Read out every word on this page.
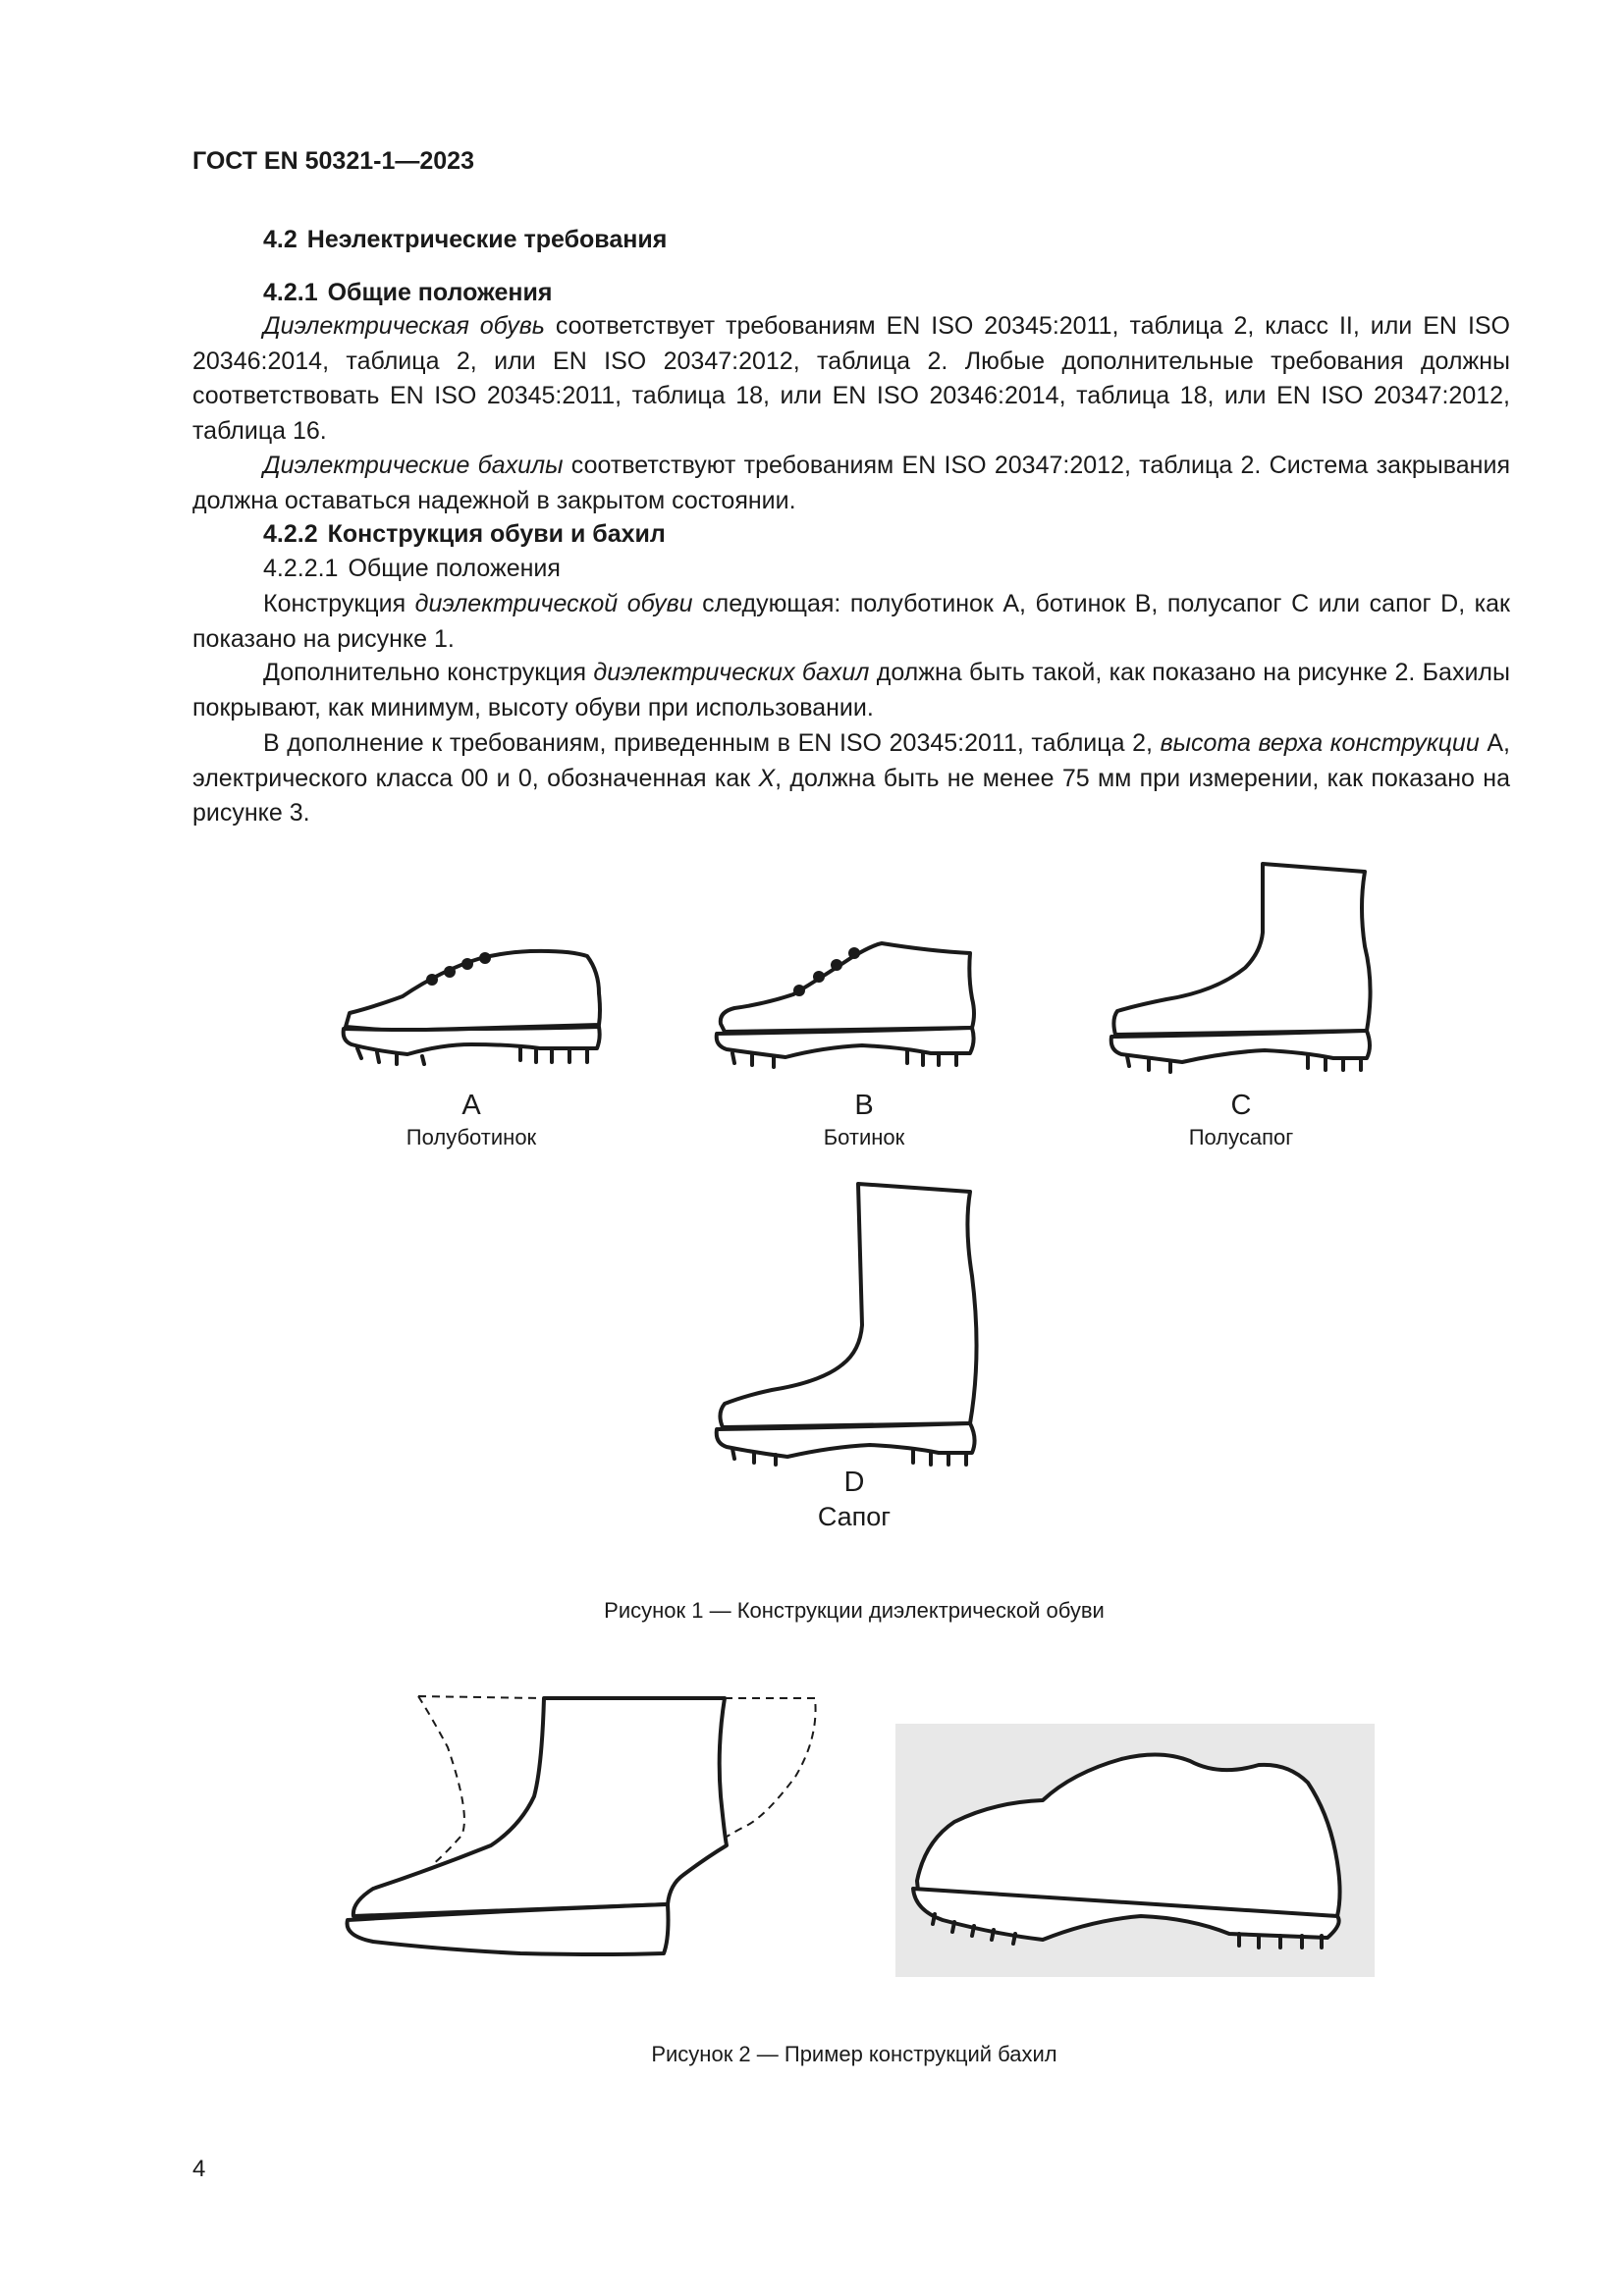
ГОСТ EN 50321-1—2023
4.2 Неэлектрические требования
4.2.1 Общие положения

Диэлектрическая обувь соответствует требованиям EN ISO 20345:2011, таблица 2, класс II, или EN ISO 20346:2014, таблица 2, или EN ISO 20347:2012, таблица 2. Любые дополнительные требования должны соответствовать EN ISO 20345:2011, таблица 18, или EN ISO 20346:2014, таблица 18, или EN ISO 20347:2012, таблица 16.

Диэлектрические бахилы соответствуют требованиям EN ISO 20347:2012, таблица 2. Система закрывания должна оставаться надежной в закрытом состоянии.

4.2.2 Конструкция обуви и бахил
4.2.2.1 Общие положения

Конструкция диэлектрической обуви следующая: полуботинок A, ботинок B, полусапог C или сапог D, как показано на рисунке 1.

Дополнительно конструкция диэлектрических бахил должна быть такой, как показано на рисунке 2. Бахилы покрывают, как минимум, высоту обуви при использовании.

В дополнение к требованиям, приведенным в EN ISO 20345:2011, таблица 2, высота верха конструкции A, электрического класса 00 и 0, обозначенная как X, должна быть не менее 75 мм при измерении, как показано на рисунке 3.

A
Полуботинок
B
Ботинок
C
Полусапог
D
Сапог
Рисунок 1 — Конструкции диэлектрической обуви
Рисунок 2 — Пример конструкций бахил
4
